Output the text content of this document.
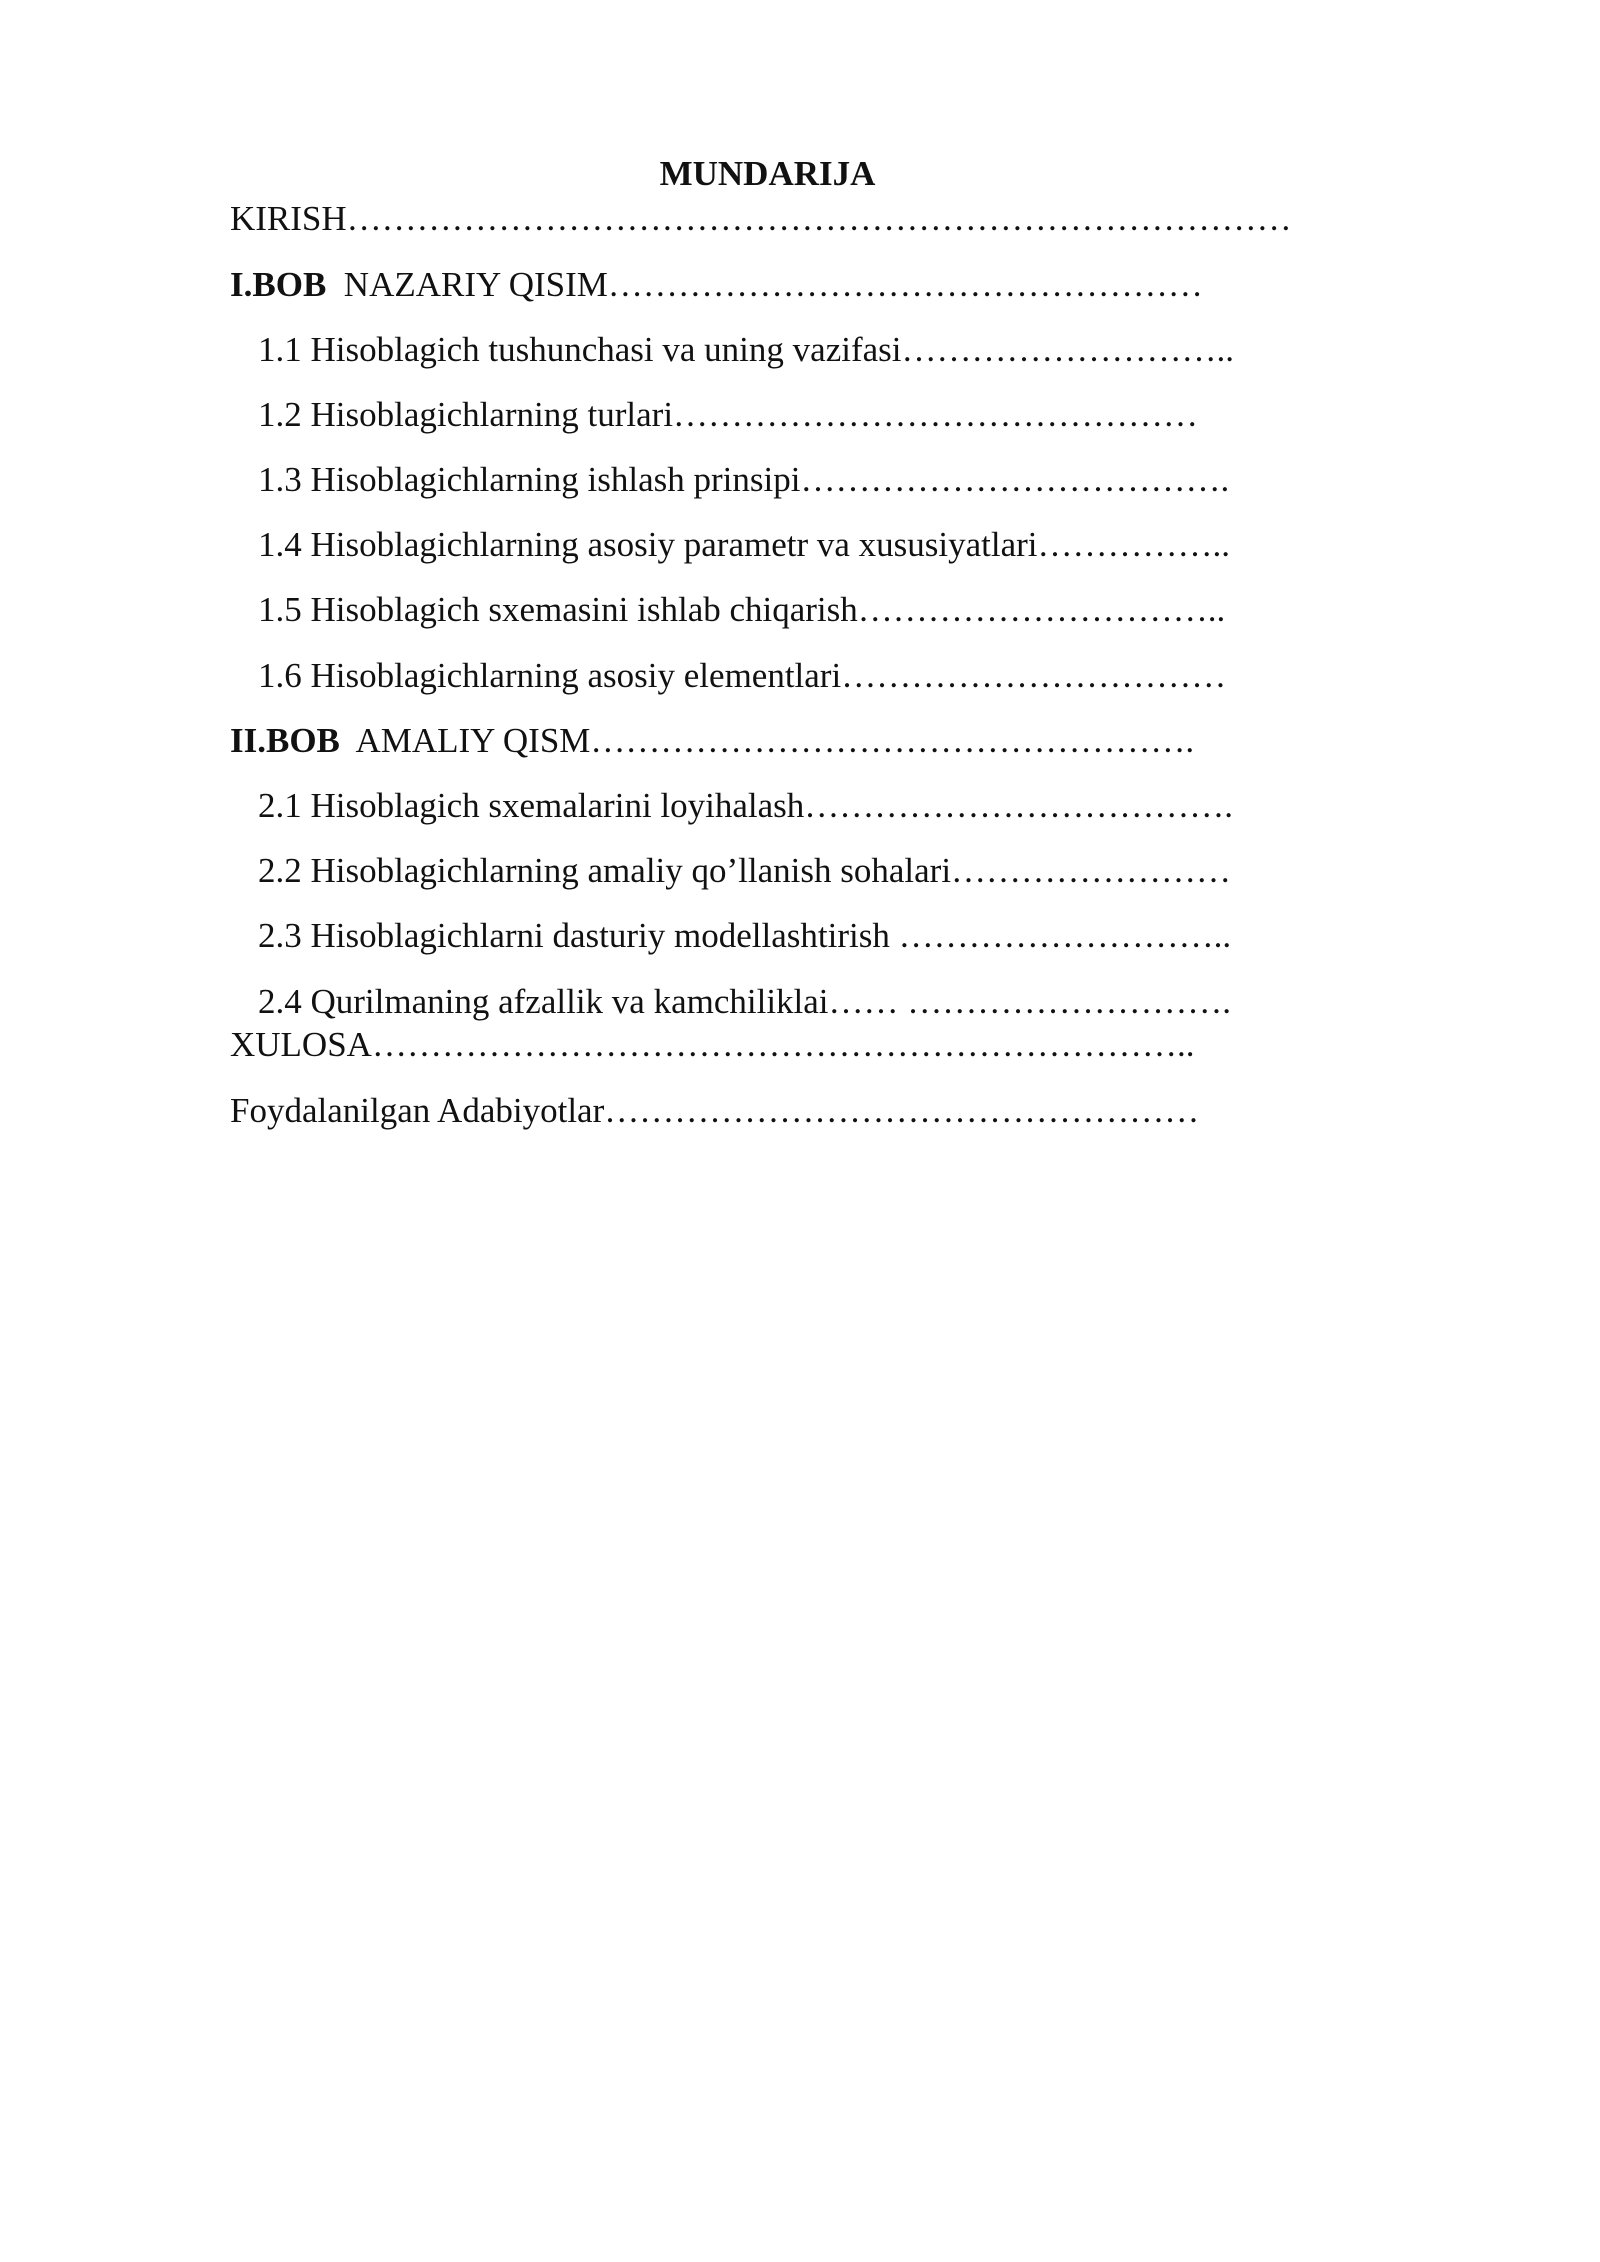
MUNDARIJA
KIRISH………………………………………………………………………
I.BOB  NAZARIY QISIM……………………………………………
1.1 Hisoblagich tushunchasi va uning vazifasi………………………..
1.2 Hisoblagichlarning turlari………………………………………
1.3 Hisoblagichlarning ishlash prinsipi……………………………….
1.4 Hisoblagichlarning asosiy parametr va xususiyatlari……………..
1.5 Hisoblagich sxemasini ishlab chiqarish…………………………..
1.6 Hisoblagichlarning asosiy elementlari……………………………
II.BOB  AMALIY QISM…………………………………………….
2.1 Hisoblagich sxemalarini loyihalash……………………………….
2.2 Hisoblagichlarning amaliy qo’llanish sohalari……………………
2.3 Hisoblagichlarni dasturiy modellashtirish ………………………..
2.4 Qurilmaning afzallik va kamchiliklai…… ……………………….
XULOSA……………………………………………………………..
Foydalanilgan Adabiyotlar……………………………………………
